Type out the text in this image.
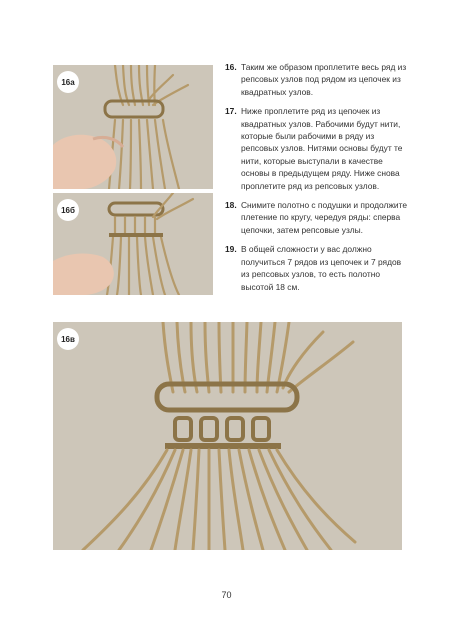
16а
16б
16в
16. Таким же образом проплетите весь ряд из репсовых узлов под рядом из цепочек из квадратных узлов.
17. Ниже проплетите ряд из цепочек из квадратных узлов. Рабочими будут нити, которые были рабочими в ряду из репсовых узлов. Нитями основы будут те нити, которые выступали в качестве основы в предыдущем ряду. Ниже снова проплетите ряд из репсовых узлов.
18. Снимите полотно с подушки и продолжите плетение по кругу, чередуя ряды: сперва цепочки, затем репсовые узлы.
19. В общей сложности у вас должно получиться 7 рядов из цепочек и 7 рядов из репсовых узлов, то есть полотно высотой 18 см.
70
